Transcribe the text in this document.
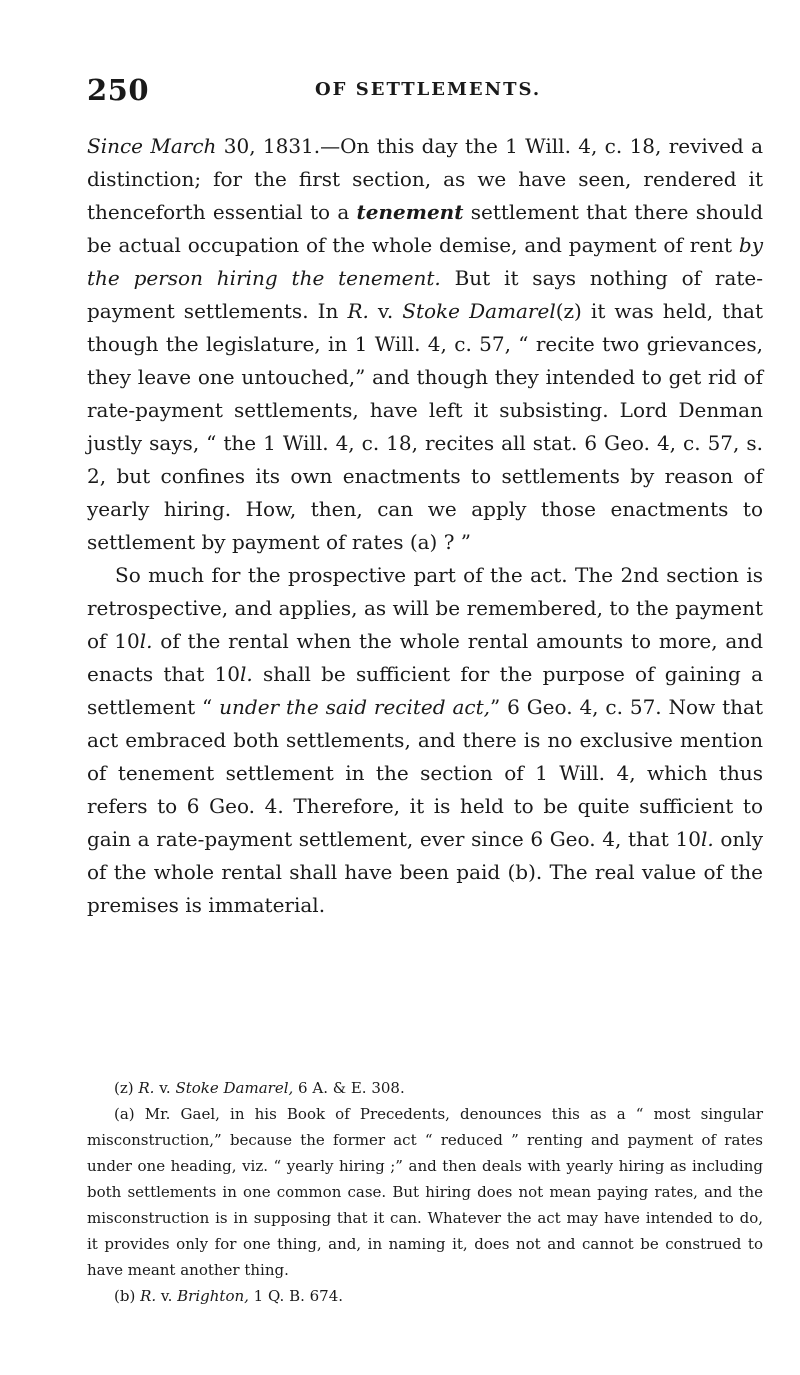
250	OF SETTLEMENTS.

Since March 30, 1831.—On this day the 1 Will. 4, c. 18, revived a distinction; for the first section, as we have seen, rendered it thenceforth essential to a tenement settlement that there should be actual occupation of the whole demise, and payment of rent by the person hiring the tenement. But it says nothing of rate-payment settlements. In R. v. Stoke Damarel(z) it was held, that though the legislature, in 1 Will. 4, c. 57, “ recite two grievances, they leave one untouched,” and though they intended to get rid of rate-payment settlements, have left it subsisting. Lord Denman justly says, “ the 1 Will. 4, c. 18, recites all stat. 6 Geo. 4, c. 57, s. 2, but confines its own enactments to settlements by reason of yearly hiring. How, then, can we apply those enactments to settlement by payment of rates (a) ? ”

So much for the prospective part of the act. The 2nd section is retrospective, and applies, as will be remembered, to the payment of 10l. of the rental when the whole rental amounts to more, and enacts that 10l. shall be sufficient for the purpose of gaining a settlement “ under the said recited act,” 6 Geo. 4, c. 57. Now that act embraced both settlements, and there is no exclusive mention of tenement settlement in the section of 1 Will. 4, which thus refers to 6 Geo. 4. Therefore, it is held to be quite sufficient to gain a rate-payment settlement, ever since 6 Geo. 4, that 10l. only of the whole rental shall have been paid (b). The real value of the premises is immaterial.

(z) R. v. Stoke Damarel, 6 A. & E. 308.

(a) Mr. Gael, in his Book of Precedents, denounces this as a “ most singular misconstruction,” because the former act “ reduced ” renting and payment of rates under one heading, viz. “ yearly hiring ;” and then deals with yearly hiring as including both settlements in one common case. But hiring does not mean paying rates, and the misconstruction is in supposing that it can. Whatever the act may have intended to do, it provides only for one thing, and, in naming it, does not and cannot be construed to have meant another thing.

(b) R. v. Brighton, 1 Q. B. 674.
